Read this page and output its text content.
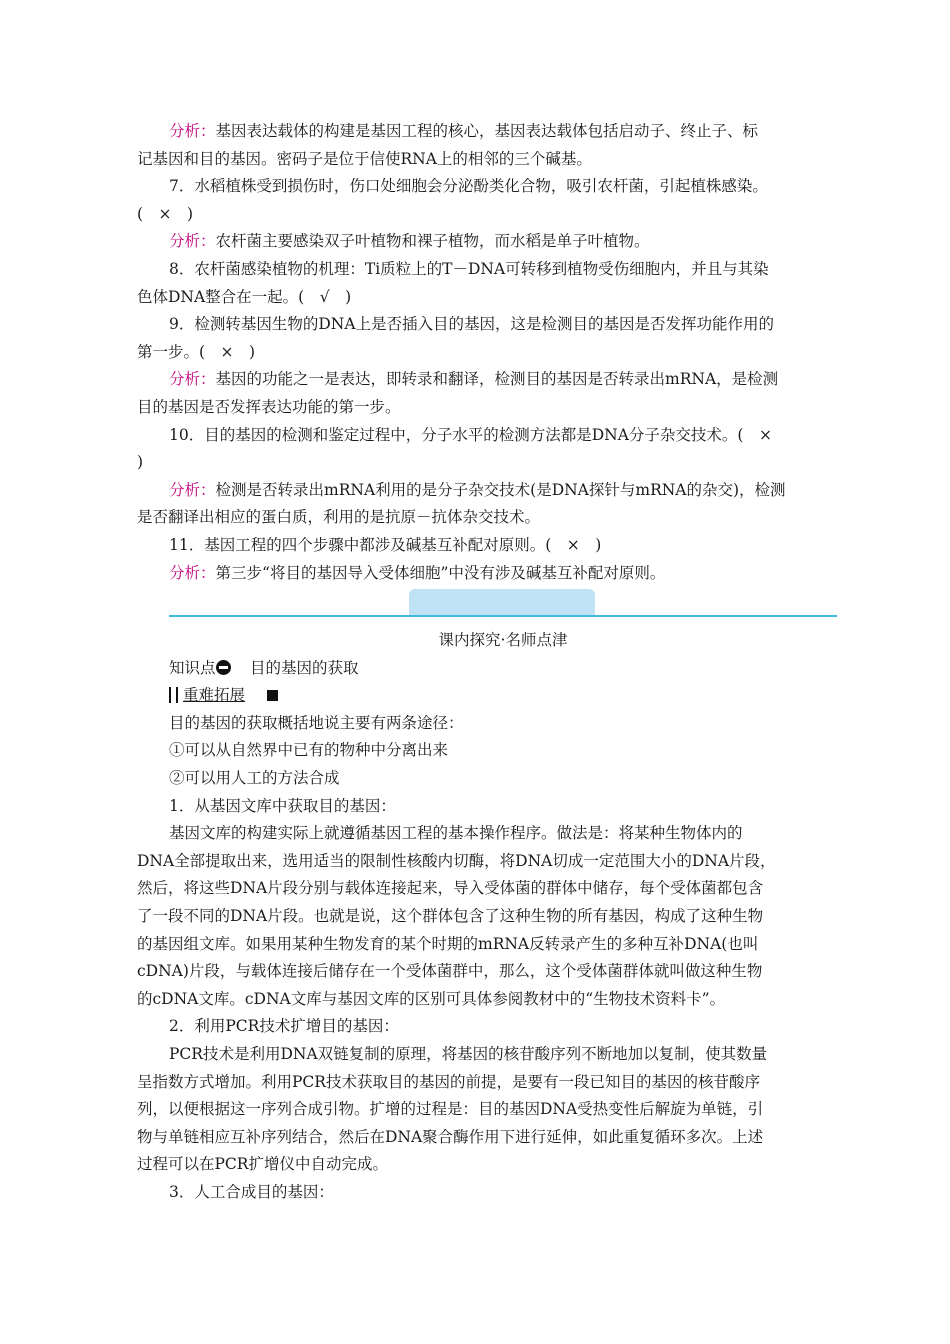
分析：基因表达载体的构建是基因工程的核心，基因表达载体包括启动子、终止子、标
记基因和目的基因。密码子是位于信使RNA上的相邻的三个碱基。
7．水稻植株受到损伤时，伤口处细胞会分泌酚类化合物，吸引农杆菌，引起植株感染。
(　×　)
分析：农杆菌主要感染双子叶植物和裸子植物，而水稻是单子叶植物。
8．农杆菌感染植物的机理：Ti质粒上的T－DNA可转移到植物受伤细胞内，并且与其染
色体DNA整合在一起。(　√　)
9．检测转基因生物的DNA上是否插入目的基因，这是检测目的基因是否发挥功能作用的
第一步。(　×　)
分析：基因的功能之一是表达，即转录和翻译，检测目的基因是否转录出mRNA，是检测
目的基因是否发挥表达功能的第一步。
10．目的基因的检测和鉴定过程中，分子水平的检测方法都是DNA分子杂交技术。(　×
)
分析：检测是否转录出mRNA利用的是分子杂交技术(是DNA探针与mRNA的杂交)，检测
是否翻译出相应的蛋白质，利用的是抗原－抗体杂交技术。
11．基因工程的四个步骤中都涉及碱基互补配对原则。(　×　)
分析：第三步“将目的基因导入受体细胞”中没有涉及碱基互补配对原则。
课内探究·名师点津
知识点　 目的基因的获取
重难拓展
目的基因的获取概括地说主要有两条途径：
①可以从自然界中已有的物种中分离出来
②可以用人工的方法合成
1．从基因文库中获取目的基因：
基因文库的构建实际上就遵循基因工程的基本操作程序。做法是：将某种生物体内的
DNA全部提取出来，选用适当的限制性核酸内切酶，将DNA切成一定范围大小的DNA片段，
然后，将这些DNA片段分别与载体连接起来，导入受体菌的群体中储存，每个受体菌都包含
了一段不同的DNA片段。也就是说，这个群体包含了这种生物的所有基因，构成了这种生物
的基因组文库。如果用某种生物发育的某个时期的mRNA反转录产生的多种互补DNA(也叫
cDNA)片段，与载体连接后储存在一个受体菌群中，那么，这个受体菌群体就叫做这种生物
的cDNA文库。cDNA文库与基因文库的区别可具体参阅教材中的“生物技术资料卡”。
2．利用PCR技术扩增目的基因：
PCR技术是利用DNA双链复制的原理，将基因的核苷酸序列不断地加以复制，使其数量
呈指数方式增加。利用PCR技术获取目的基因的前提，是要有一段已知目的基因的核苷酸序
列，以便根据这一序列合成引物。扩增的过程是：目的基因DNA受热变性后解旋为单链，引
物与单链相应互补序列结合，然后在DNA聚合酶作用下进行延伸，如此重复循环多次。上述
过程可以在PCR扩增仪中自动完成。
3．人工合成目的基因：
